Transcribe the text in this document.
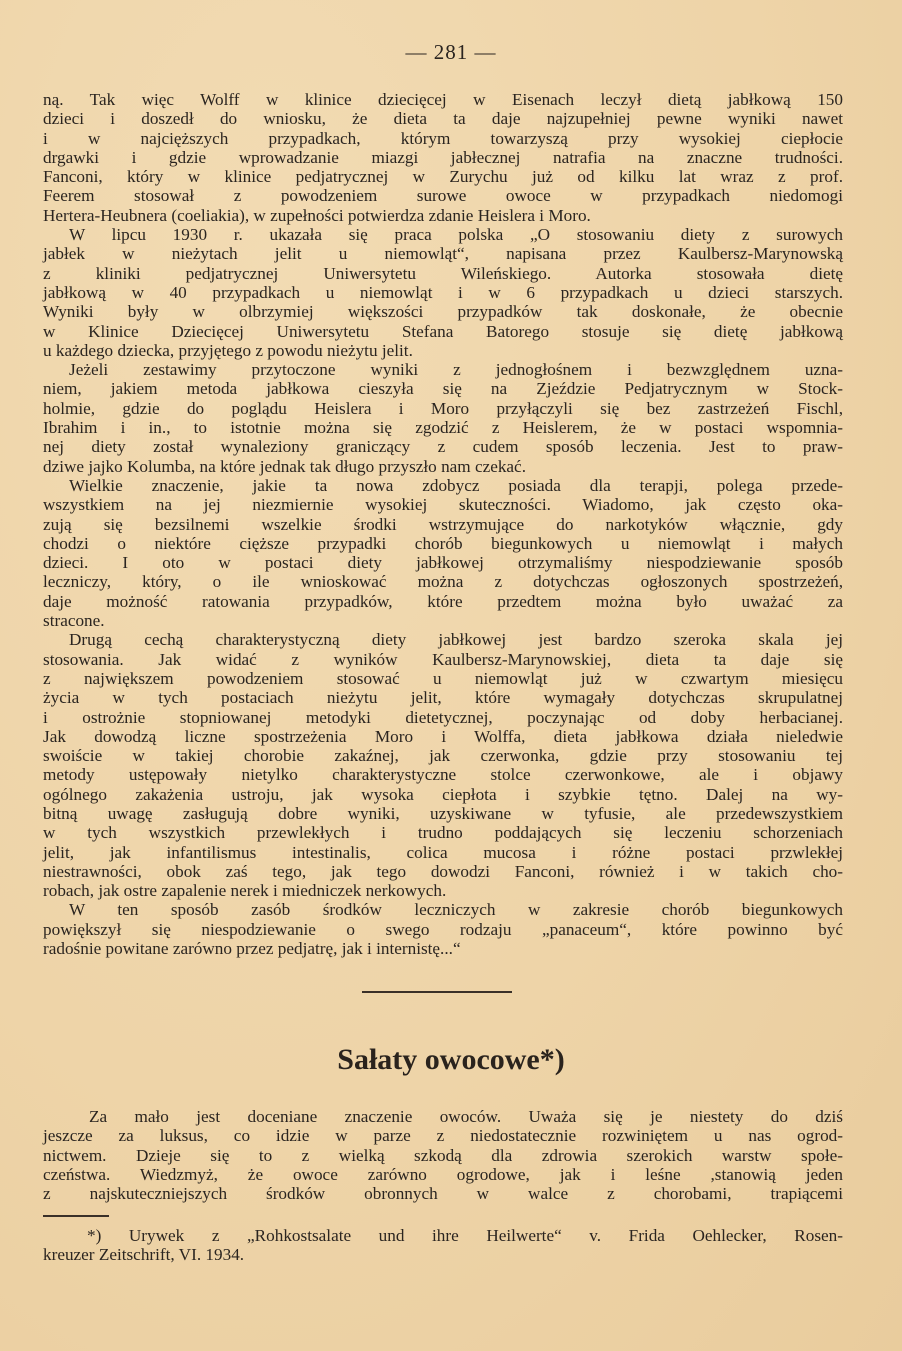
— 281 —
ną. Tak więc Wolff w klinice dziecięcej w Eisenach leczył dietą jabłkową 150
dzieci i doszedł do wniosku, że dieta ta daje najzupełniej pewne wyniki nawet
i w najcięższych przypadkach, którym towarzyszą przy wysokiej ciepłocie
drgawki i gdzie wprowadzanie miazgi jabłecznej natrafia na znaczne trudności.
Fanconi, który w klinice pedjatrycznej w Zurychu już od kilku lat wraz z prof.
Feerem stosował z powodzeniem surowe owoce w przypadkach niedomogi
Hertera-Heubnera (coeliakia), w zupełności potwierdza zdanie Heislera i Moro.
W lipcu 1930 r. ukazała się praca polska „O stosowaniu diety z surowych
jabłek w nieżytach jelit u niemowląt“, napisana przez Kaulbersz-Marynowską
z kliniki pedjatrycznej Uniwersytetu Wileńskiego. Autorka stosowała dietę
jabłkową w 40 przypadkach u niemowląt i w 6 przypadkach u dzieci starszych.
Wyniki były w olbrzymiej większości przypadków tak doskonałe, że obecnie
w Klinice Dziecięcej Uniwersytetu Stefana Batorego stosuje się dietę jabłkową
u każdego dziecka, przyjętego z powodu nieżytu jelit.
Jeżeli zestawimy przytoczone wyniki z jednogłośnem i bezwzględnem uzna-
niem, jakiem metoda jabłkowa cieszyła się na Zjeździe Pedjatrycznym w Stock-
holmie, gdzie do poglądu Heislera i Moro przyłączyli się bez zastrzeżeń Fischl,
Ibrahim i in., to istotnie można się zgodzić z Heislerem, że w postaci wspomnia-
nej diety został wynaleziony graniczący z cudem sposób leczenia. Jest to praw-
dziwe jajko Kolumba, na które jednak tak długo przyszło nam czekać.
Wielkie znaczenie, jakie ta nowa zdobycz posiada dla terapji, polega przede-
wszystkiem na jej niezmiernie wysokiej skuteczności. Wiadomo, jak często oka-
zują się bezsilnemi wszelkie środki wstrzymujące do narkotyków włącznie, gdy
chodzi o niektóre cięższe przypadki chorób biegunkowych u niemowląt i małych
dzieci. I oto w postaci diety jabłkowej otrzymaliśmy niespodziewanie sposób
leczniczy, który, o ile wnioskować można z dotychczas ogłoszonych spostrzeżeń,
daje możność ratowania przypadków, które przedtem można było uważać za
stracone.
Drugą cechą charakterystyczną diety jabłkowej jest bardzo szeroka skala jej
stosowania. Jak widać z wyników Kaulbersz-Marynowskiej, dieta ta daje się
z największem powodzeniem stosować u niemowląt już w czwartym miesięcu
życia w tych postaciach nieżytu jelit, które wymagały dotychczas skrupulatnej
i ostrożnie stopniowanej metodyki dietetycznej, poczynając od doby herbacianej.
Jak dowodzą liczne spostrzeżenia Moro i Wolffa, dieta jabłkowa działa nieledwie
swoiście w takiej chorobie zakaźnej, jak czerwonka, gdzie przy stosowaniu tej
metody ustępowały nietylko charakterystyczne stolce czerwonkowe, ale i objawy
ogólnego zakażenia ustroju, jak wysoka ciepłota i szybkie tętno. Dalej na wy-
bitną uwagę zasługują dobre wyniki, uzyskiwane w tyfusie, ale przedewszystkiem
w tych wszystkich przewlekłych i trudno poddających się leczeniu schorzeniach
jelit, jak infantilismus intestinalis, colica mucosa i różne postaci przwlekłej
niestrawności, obok zaś tego, jak tego dowodzi Fanconi, również i w takich cho-
robach, jak ostre zapalenie nerek i miedniczek nerkowych.
W ten sposób zasób środków leczniczych w zakresie chorób biegunkowych
powiększył się niespodziewanie o swego rodzaju „panaceum“, które powinno być
radośnie powitane zarówno przez pedjatrę, jak i internistę...“
Sałaty owocowe*)
Za mało jest doceniane znaczenie owoców. Uważa się je niestety do dziś
jeszcze za luksus, co idzie w parze z niedostatecznie rozwiniętem u nas ogrod-
nictwem. Dzieje się to z wielką szkodą dla zdrowia szerokich warstw społe-
czeństwa. Wiedzmyż, że owoce zarówno ogrodowe, jak i leśne ,stanowią jeden
z najskuteczniejszych środków obronnych w walce z chorobami, trapiącemi
*) Urywek z „Rohkostsalate und ihre Heilwerte“ v. Frida Oehlecker, Rosen-
kreuzer Zeitschrift, VI. 1934.
